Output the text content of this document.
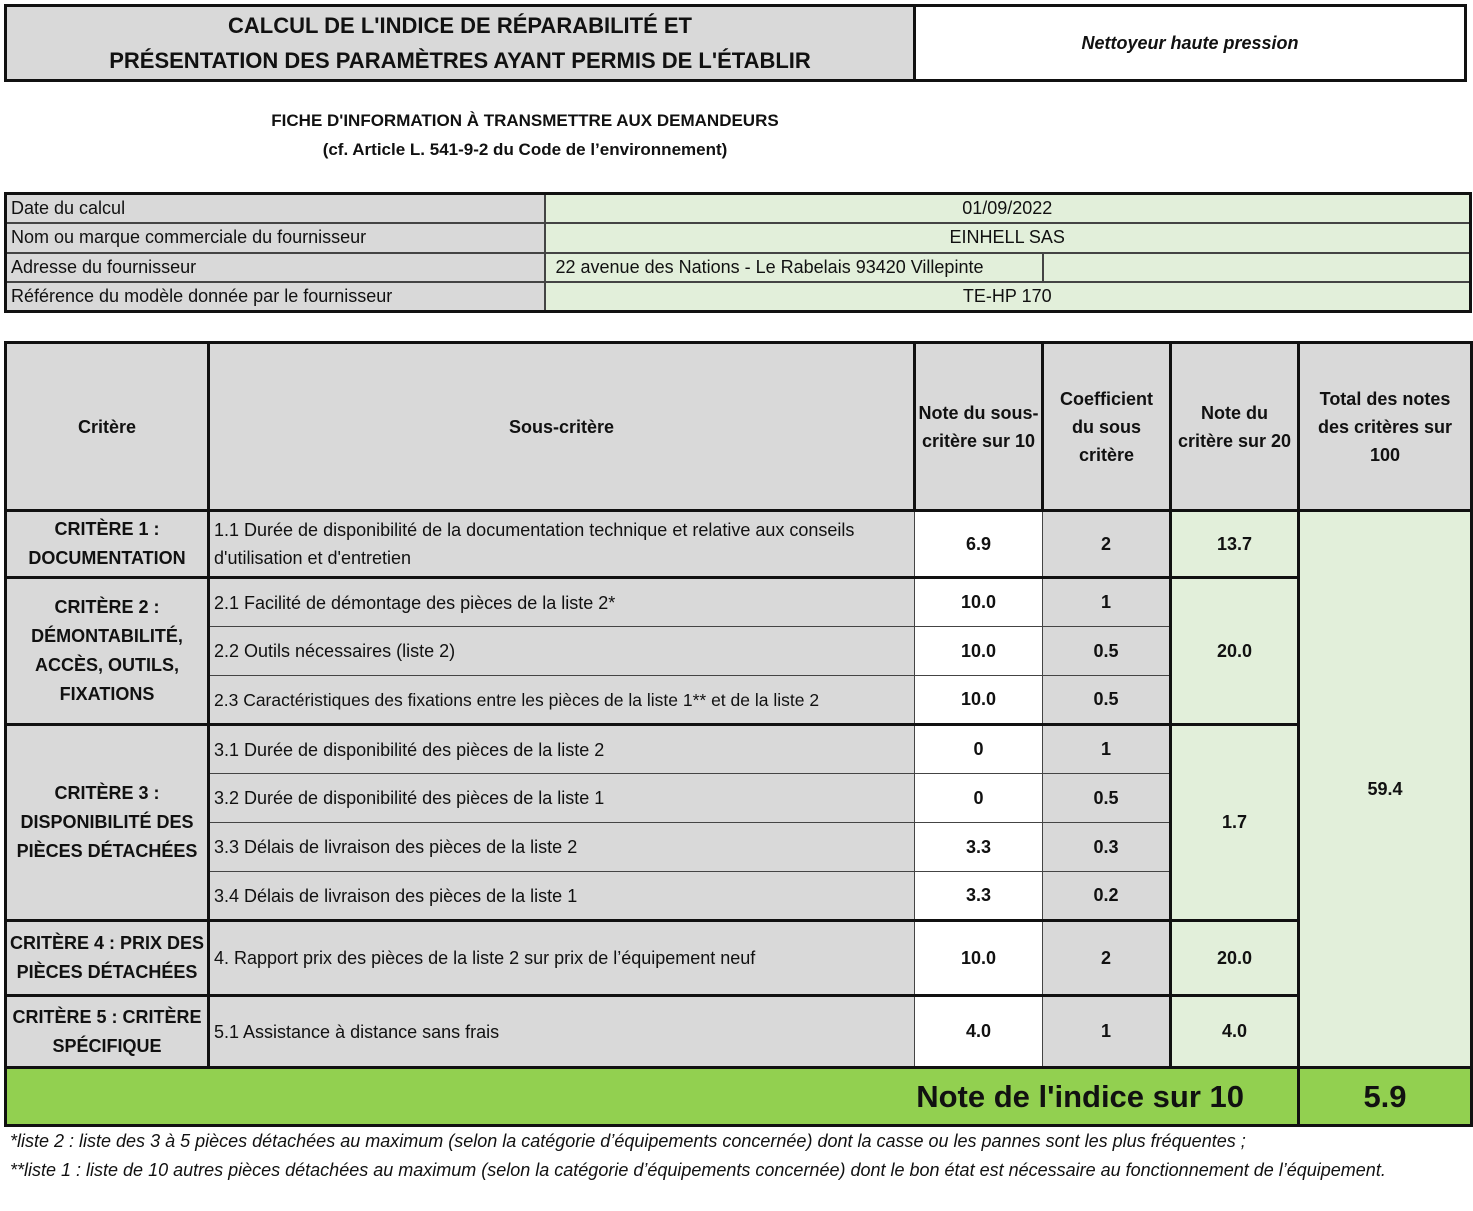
CALCUL DE L'INDICE DE RÉPARABILITÉ ET
PRÉSENTATION DES PARAMÈTRES AYANT PERMIS DE L'ÉTABLIR
Nettoyeur haute pression
FICHE D'INFORMATION À TRANSMETTRE AUX DEMANDEURS
(cf. Article L. 541-9-2 du Code de l’environnement)
Date du calcul	01/09/2022	
Nom ou marque commerciale du fournisseur	EINHELL SAS	
Adresse du fournisseur	22 avenue des Nations - Le Rabelais 93420 Villepinte	
Référence du modèle donnée par le fournisseur	TE-HP 170	
Critère	Sous-critère	Note du sous-critère sur 10	Coefficient du sous critère	Note du critère sur 20	Total des notes des critères sur 100
CRITÈRE 1 : DOCUMENTATION	1.1 Durée de disponibilité de la documentation technique et relative aux conseils d'utilisation et d'entretien	6.9	2	13.7	59.4
CRITÈRE 2 : DÉMONTABILITÉ, ACCÈS, OUTILS, FIXATIONS	2.1 Facilité de démontage des pièces de la liste 2*	10.0	1	20.0	
	2.2 Outils nécessaires (liste 2)	10.0	0.5		
	2.3 Caractéristiques des fixations entre les pièces de la liste 1** et de la liste 2	10.0	0.5		
CRITÈRE 3 : DISPONIBILITÉ DES PIÈCES DÉTACHÉES	3.1 Durée de disponibilité des pièces de la liste 2	0	1	1.7	
	3.2 Durée de disponibilité des pièces de la liste 1	0	0.5		
	3.3 Délais de livraison des pièces de la liste 2	3.3	0.3		
	3.4 Délais de livraison des pièces de la liste 1	3.3	0.2		
CRITÈRE 4 : PRIX DES PIÈCES DÉTACHÉES	4. Rapport prix des pièces de la liste 2 sur prix de l’équipement neuf	10.0	2	20.0	
CRITÈRE 5 : CRITÈRE SPÉCIFIQUE	5.1 Assistance à distance sans frais	4.0	1	4.0	
Note de l'indice sur 10					5.9
*liste 2 : liste des 3 à 5 pièces détachées au maximum (selon la catégorie d’équipements concernée) dont la casse ou les pannes sont les plus fréquentes ;
**liste 1 : liste de 10 autres pièces détachées au maximum (selon la catégorie d’équipements concernée) dont le bon état est nécessaire au fonctionnement de l’équipement.
